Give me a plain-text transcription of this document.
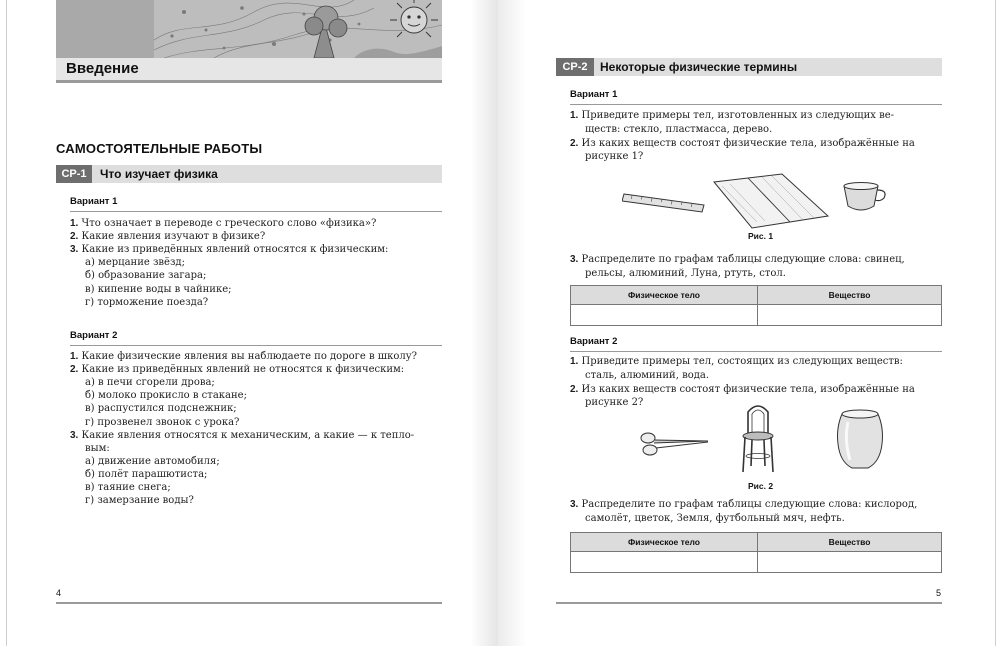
Введение
САМОСТОЯТЕЛЬНЫЕ РАБОТЫ
СР-1	Что изучает физика
Вариант 1
1. Что означает в переводе с греческого слово «физика»?
2. Какие явления изучают в физике?
3. Какие из приведённых явлений относятся к физическим:
а) мерцание звёзд;
б) образование загара;
в) кипение воды в чайнике;
г) торможение поезда?
Вариант 2
1. Какие физические явления вы наблюдаете по дороге в школу?
2. Какие из приведённых явлений не относятся к физическим:
а) в печи сгорели дрова;
б) молоко прокисло в стакане;
в) распустился подснежник;
г) прозвенел звонок с урока?
3. Какие явления относятся к механическим, а какие — к тепло-
вым:
а) движение автомобиля;
б) полёт парашютиста;
в) таяние снега;
г) замерзание воды?
4
СР-2	Некоторые физические термины
Вариант 1
1. Приведите примеры тел, изготовленных из следующих ве-
ществ: стекло, пластмасса, дерево.
2. Из каких веществ состоят физические тела, изображённые на
рисунке 1?
Рис. 1
3. Распределите по графам таблицы следующие слова: свинец,
рельсы, алюминий, Луна, ртуть, стол.
Физическое тело	Вещество

Вариант 2
1. Приведите примеры тел, состоящих из следующих веществ:
сталь, алюминий, вода.
2. Из каких веществ состоят физические тела, изображённые на
рисунке 2?
Рис. 2
3. Распределите по графам таблицы следующие слова: кислород,
самолёт, цветок, Земля, футбольный мяч, нефть.
Физическое тело	Вещество

5
